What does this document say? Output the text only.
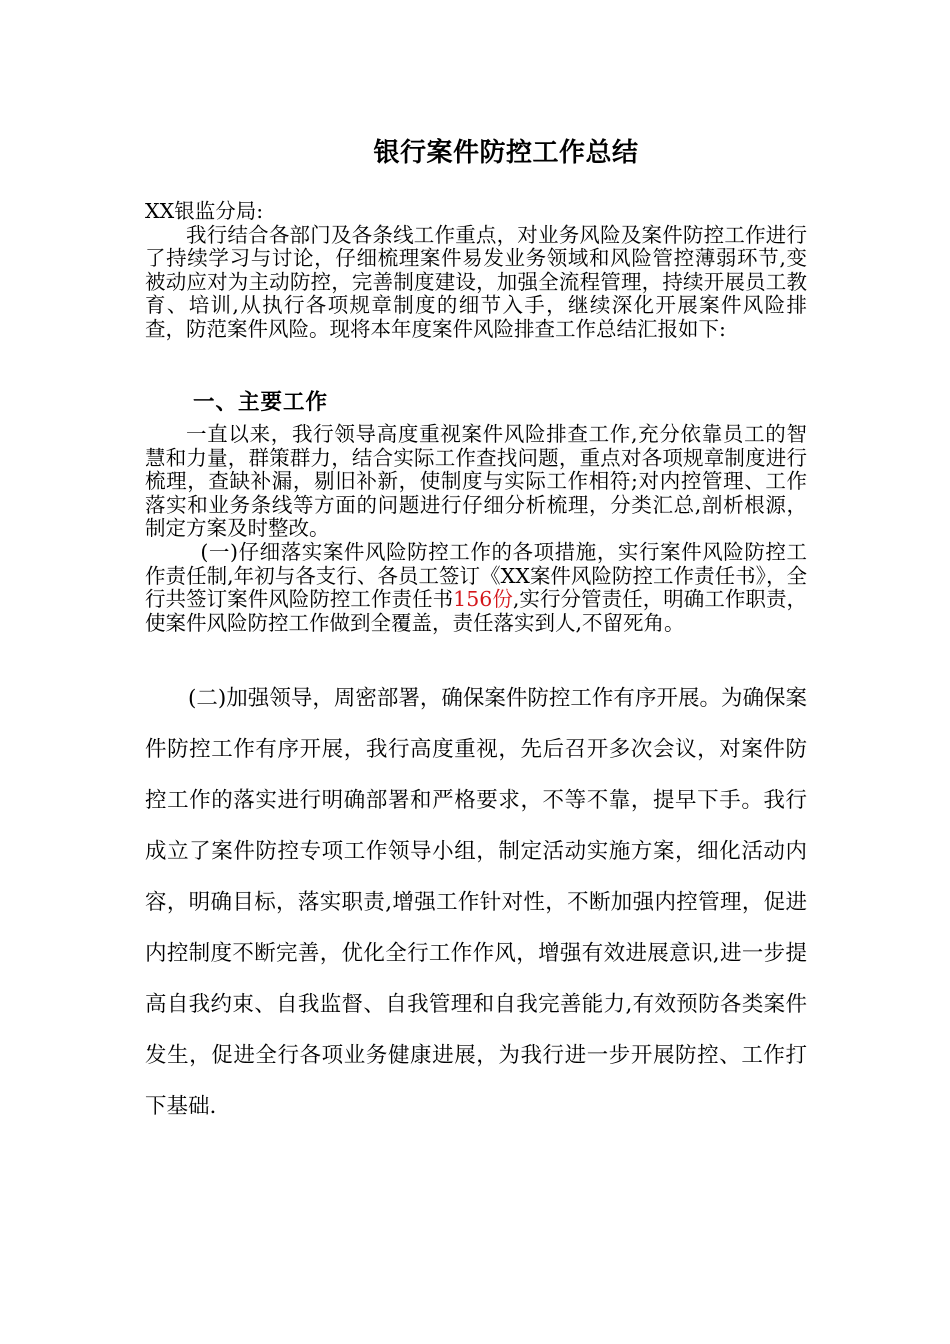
银行案件防控工作总结

XX银监分局:

我行结合各部门及各条线工作重点，对业务风险及案件防控工作进行了持续学习与讨论，仔细梳理案件易发业务领域和风险管控薄弱环节,变被动应对为主动防控，完善制度建设，加强全流程管理，持续开展员工教育、培训,从执行各项规章制度的细节入手，继续深化开展案件风险排查，防范案件风险。现将本年度案件风险排查工作总结汇报如下:

一、主要工作

一直以来，我行领导高度重视案件风险排查工作,充分依靠员工的智慧和力量，群策群力，结合实际工作查找问题，重点对各项规章制度进行梳理，查缺补漏，剔旧补新，使制度与实际工作相符;对内控管理、工作落实和业务条线等方面的问题进行仔细分析梳理，分类汇总,剖析根源，制定方案及时整改。

(一)仔细落实案件风险防控工作的各项措施，实行案件风险防控工作责任制,年初与各支行、各员工签订《XX案件风险防控工作责任书》，全行共签订案件风险防控工作责任书156份,实行分管责任，明确工作职责，使案件风险防控工作做到全覆盖，责任落实到人,不留死角。

(二)加强领导，周密部署，确保案件防控工作有序开展。为确保案件防控工作有序开展，我行高度重视，先后召开多次会议，对案件防控工作的落实进行明确部署和严格要求，不等不靠，提早下手。我行成立了案件防控专项工作领导小组，制定活动实施方案，细化活动内容，明确目标，落实职责,增强工作针对性，不断加强内控管理，促进内控制度不断完善，优化全行工作作风，增强有效进展意识,进一步提高自我约束、自我监督、自我管理和自我完善能力,有效预防各类案件发生，促进全行各项业务健康进展，为我行进一步开展防控、工作打下基础.
